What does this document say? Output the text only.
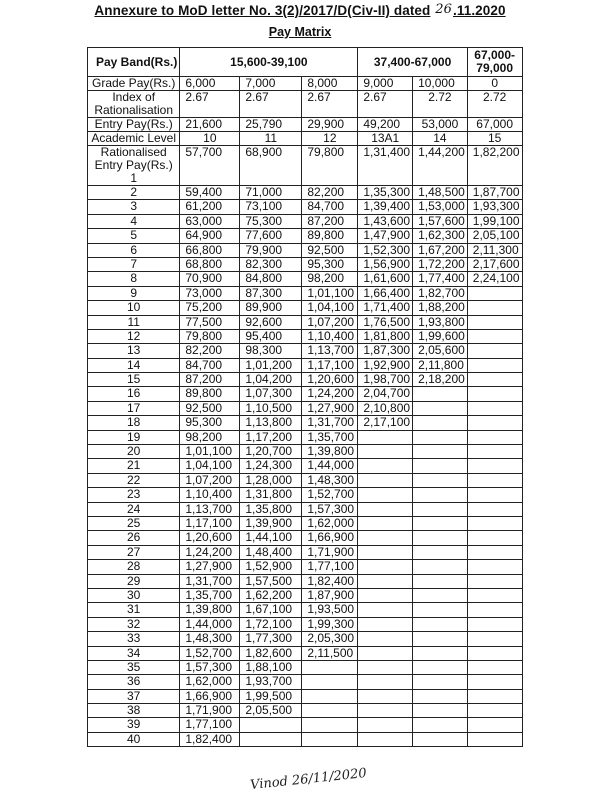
Annexure to MoD letter No. 3(2)/2017/D(Civ-II) dated 26.11.2020
Pay Matrix
Pay Band(Rs.)	15,600-39,100			37,400-67,000		67,000-79,000
Grade Pay(Rs.)	6,000	7,000	8,000	9,000	10,000	0
Index of Rationalisation	2.67	2.67	2.67	2.67	2.72	2.72
Entry Pay(Rs.)	21,600	25,790	29,900	49,200	53,000	67,000
Academic Level	10	11	12	13A1	14	15

Rationalised Entry Pay(Rs.)
1	57,700	68,900	79,800	1,31,400	1,44,200	1,82,200
2	59,400	71,000	82,200	1,35,300	1,48,500	1,87,700
3	61,200	73,100	84,700	1,39,400	1,53,000	1,93,300
4	63,000	75,300	87,200	1,43,600	1,57,600	1,99,100
5	64,900	77,600	89,800	1,47,900	1,62,300	2,05,100
6	66,800	79,900	92,500	1,52,300	1,67,200	2,11,300
7	68,800	82,300	95,300	1,56,900	1,72,200	2,17,600
8	70,900	84,800	98,200	1,61,600	1,77,400	2,24,100
9	73,000	87,300	1,01,100	1,66,400	1,82,700	
10	75,200	89,900	1,04,100	1,71,400	1,88,200	
11	77,500	92,600	1,07,200	1,76,500	1,93,800	
12	79,800	95,400	1,10,400	1,81,800	1,99,600	
13	82,200	98,300	1,13,700	1,87,300	2,05,600	
14	84,700	1,01,200	1,17,100	1,92,900	2,11,800	
15	87,200	1,04,200	1,20,600	1,98,700	2,18,200	
16	89,800	1,07,300	1,24,200	2,04,700		
17	92,500	1,10,500	1,27,900	2,10,800		
18	95,300	1,13,800	1,31,700	2,17,100		
19	98,200	1,17,200	1,35,700			
20	1,01,100	1,20,700	1,39,800			
21	1,04,100	1,24,300	1,44,000			
22	1,07,200	1,28,000	1,48,300			
23	1,10,400	1,31,800	1,52,700			
24	1,13,700	1,35,800	1,57,300			
25	1,17,100	1,39,900	1,62,000			
26	1,20,600	1,44,100	1,66,900			
27	1,24,200	1,48,400	1,71,900			
28	1,27,900	1,52,900	1,77,100			
29	1,31,700	1,57,500	1,82,400			
30	1,35,700	1,62,200	1,87,900			
31	1,39,800	1,67,100	1,93,500			
32	1,44,000	1,72,100	1,99,300			
33	1,48,300	1,77,300	2,05,300			
34	1,52,700	1,82,600	2,11,500			
35	1,57,300	1,88,100				
36	1,62,000	1,93,700				
37	1,66,900	1,99,500				
38	1,71,900	2,05,500				
39	1,77,100					
40	1,82,400					
Vinod 26/11/2020
